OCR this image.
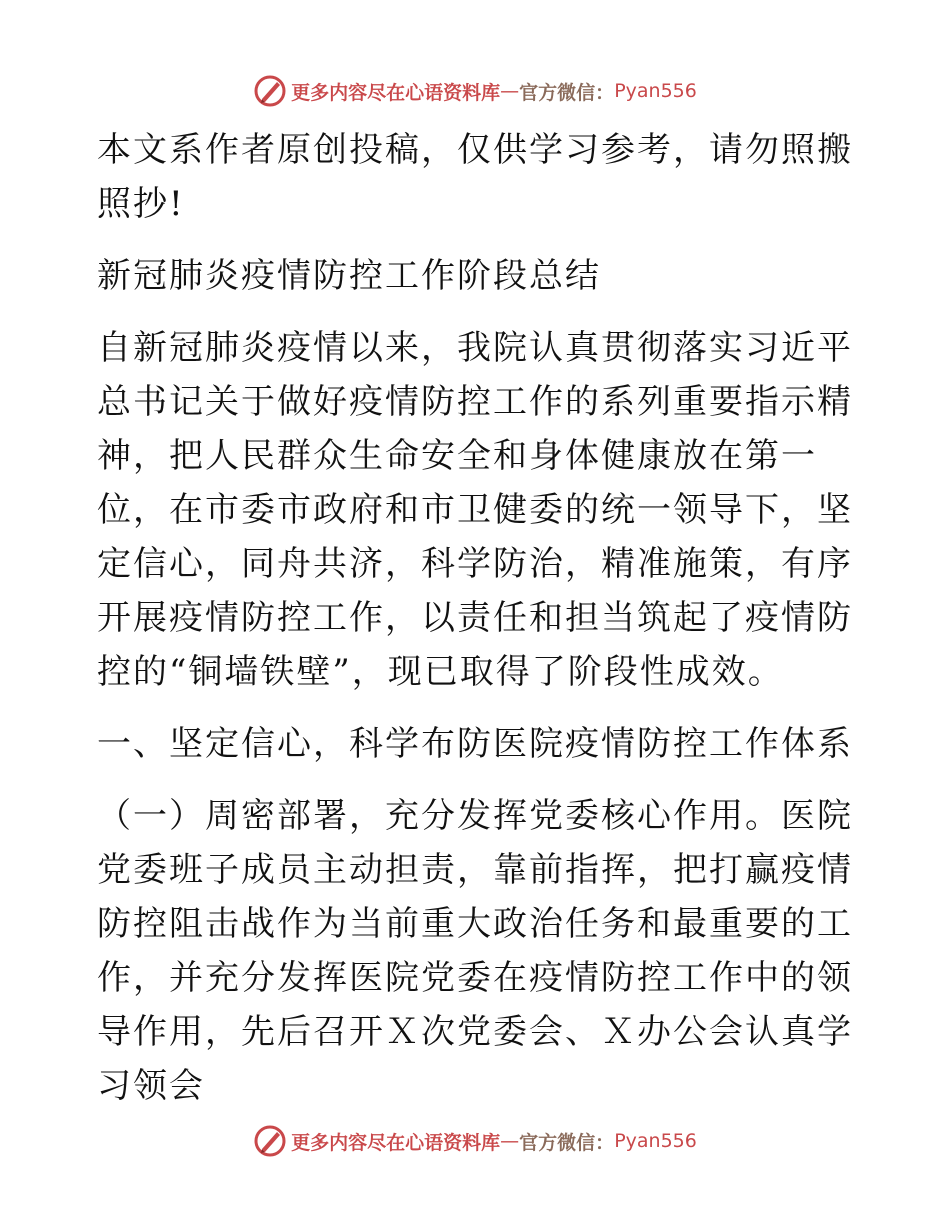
更多内容尽在心语资料库 — 官方微信： Pyan556

本文系作者原创投稿，仅供学习参考，请勿照搬照抄!

新冠肺炎疫情防控工作阶段总结

自新冠肺炎疫情以来，我院认真贯彻落实习近平总书记关于做好疫情防控工作的系列重要指示精神，把人民群众生命安全和身体健康放在第一位，在市委市政府和市卫健委的统一领导下，坚定信心，同舟共济，科学防治，精准施策，有序开展疫情防控工作，以责任和担当筑起了疫情防控的“铜墙铁壁”，现已取得了阶段性成效。

一、坚定信心，科学布防医院疫情防控工作体系

（一）周密部署，充分发挥党委核心作用。医院党委班子成员主动担责，靠前指挥，把打赢疫情防控阻击战作为当前重大政治任务和最重要的工作，并充分发挥医院党委在疫情防控工作中的领导作用，先后召开Ｘ次党委会、Ｘ办公会认真学习领会

更多内容尽在心语资料库 — 官方微信： Pyan556
